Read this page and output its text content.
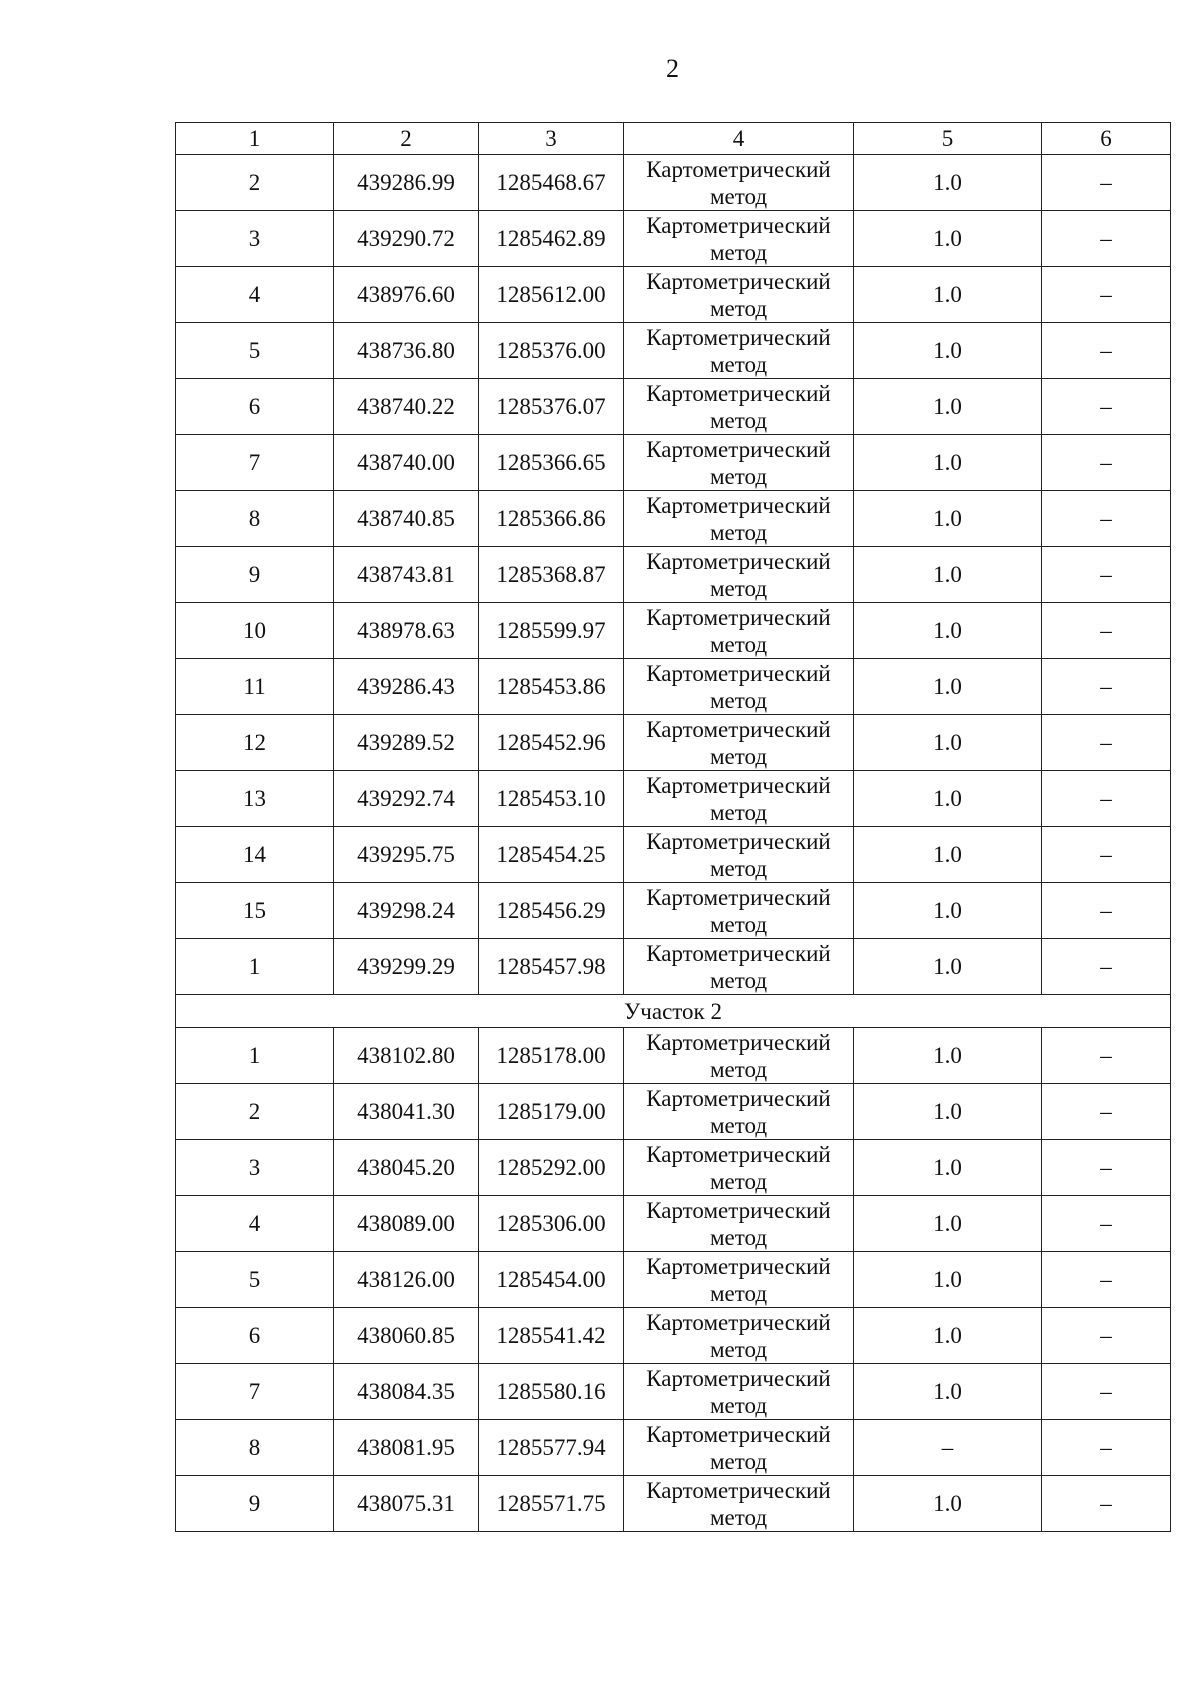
2
1	2	3	4	5	6
2	439286.99	1285468.67	Картометрический метод	1.0	–
3	439290.72	1285462.89	Картометрический метод	1.0	–
4	438976.60	1285612.00	Картометрический метод	1.0	–
5	438736.80	1285376.00	Картометрический метод	1.0	–
6	438740.22	1285376.07	Картометрический метод	1.0	–
7	438740.00	1285366.65	Картометрический метод	1.0	–
8	438740.85	1285366.86	Картометрический метод	1.0	–
9	438743.81	1285368.87	Картометрический метод	1.0	–
10	438978.63	1285599.97	Картометрический метод	1.0	–
11	439286.43	1285453.86	Картометрический метод	1.0	–
12	439289.52	1285452.96	Картометрический метод	1.0	–
13	439292.74	1285453.10	Картометрический метод	1.0	–
14	439295.75	1285454.25	Картометрический метод	1.0	–
15	439298.24	1285456.29	Картометрический метод	1.0	–
1	439299.29	1285457.98	Картометрический метод	1.0	–
Участок 2					
1	438102.80	1285178.00	Картометрический метод	1.0	–
2	438041.30	1285179.00	Картометрический метод	1.0	–
3	438045.20	1285292.00	Картометрический метод	1.0	–
4	438089.00	1285306.00	Картометрический метод	1.0	–
5	438126.00	1285454.00	Картометрический метод	1.0	–
6	438060.85	1285541.42	Картометрический метод	1.0	–
7	438084.35	1285580.16	Картометрический метод	1.0	–
8	438081.95	1285577.94	Картометрический метод	–	–
9	438075.31	1285571.75	Картометрический метод	1.0	–
